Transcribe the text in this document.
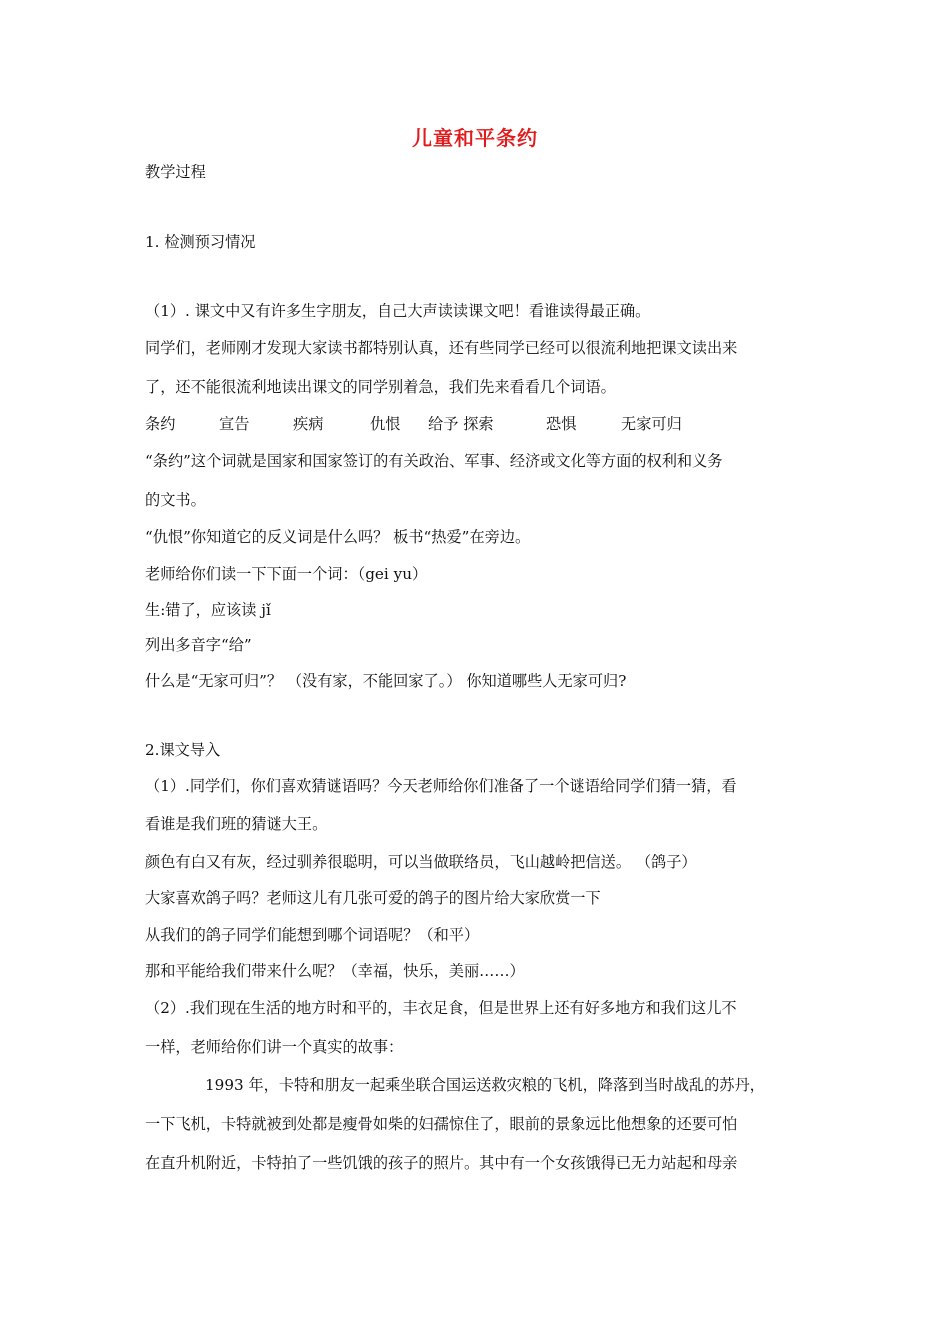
儿童和平条约
教学过程
1. 检测预习情况
（1）. 课文中又有许多生字朋友，自己大声读读课文吧！看谁读得最正确。
同学们，老师刚才发现大家读书都特别认真，还有些同学已经可以很流利地把课文读出来
了，还不能很流利地读出课文的同学别着急，我们先来看看几个词语。
条约	宣告	疾病	仇恨 给予 探索	恐惧	无家可归
“条约”这个词就是国家和国家签订的有关政治、军事、经济或文化等方面的权利和义务
的文书。
“仇恨”你知道它的反义词是什么吗？ 板书“热爱”在旁边。
老师给你们读一下下面一个词：（gei yu）
生:错了，应该读 jǐ
列出多音字“给”
什么是“无家可归”？ （没有家，不能回家了。） 你知道哪些人无家可归?
2.课文导入
（1）.同学们，你们喜欢猜谜语吗？今天老师给你们准备了一个谜语给同学们猜一猜，看
看谁是我们班的猜谜大王。
颜色有白又有灰，经过驯养很聪明，可以当做联络员，飞山越岭把信送。 （鸽子）
大家喜欢鸽子吗？老师这儿有几张可爱的鸽子的图片给大家欣赏一下
从我们的鸽子同学们能想到哪个词语呢？（和平）
那和平能给我们带来什么呢？（幸福，快乐，美丽……）
（2）.我们现在生活的地方时和平的，丰衣足食，但是世界上还有好多地方和我们这儿不
一样，老师给你们讲一个真实的故事：
1993 年，卡特和朋友一起乘坐联合国运送救灾粮的飞机，降落到当时战乱的苏丹，
一下飞机，卡特就被到处都是瘦骨如柴的妇孺惊住了，眼前的景象远比他想象的还要可怕
在直升机附近，卡特拍了一些饥饿的孩子的照片。其中有一个女孩饿得已无力站起和母亲
